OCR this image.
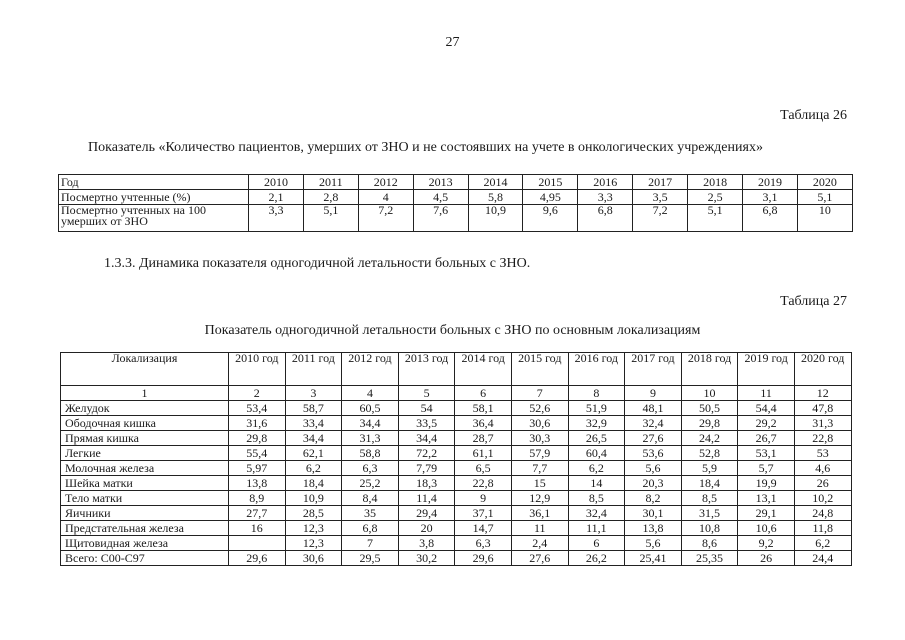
27
Таблица 26
Показатель «Количество пациентов, умерших от ЗНО и не состоявших на учете в онкологических учреждениях»
Год	2010	2011	2012	2013	2014	2015	2016	2017	2018	2019	2020
Посмертно учтенные (%)	2,1	2,8	4	4,5	5,8	4,95	3,3	3,5	2,5	3,1	5,1
Посмертно учтенных на 100 умерших от ЗНО	3,3	5,1	7,2	7,6	10,9	9,6	6,8	7,2	5,1	6,8	10
1.3.3. Динамика показателя одногодичной летальности больных с ЗНО.
Таблица 27
Показатель одногодичной летальности больных с ЗНО по основным локализациям
Локализация	2010 год	2011 год	2012 год	2013 год	2014 год	2015 год	2016 год	2017 год	2018 год	2019 год	2020 год
1	2	3	4	5	6	7	8	9	10	11	12
Желудок	53,4	58,7	60,5	54	58,1	52,6	51,9	48,1	50,5	54,4	47,8
Ободочная кишка	31,6	33,4	34,4	33,5	36,4	30,6	32,9	32,4	29,8	29,2	31,3
Прямая кишка	29,8	34,4	31,3	34,4	28,7	30,3	26,5	27,6	24,2	26,7	22,8
Легкие	55,4	62,1	58,8	72,2	61,1	57,9	60,4	53,6	52,8	53,1	53
Молочная железа	5,97	6,2	6,3	7,79	6,5	7,7	6,2	5,6	5,9	5,7	4,6
Шейка матки	13,8	18,4	25,2	18,3	22,8	15	14	20,3	18,4	19,9	26
Тело матки	8,9	10,9	8,4	11,4	9	12,9	8,5	8,2	8,5	13,1	10,2
Яичники	27,7	28,5	35	29,4	37,1	36,1	32,4	30,1	31,5	29,1	24,8
Предстательная железа	16	12,3	6,8	20	14,7	11	11,1	13,8	10,8	10,6	11,8
Щитовидная железа		12,3	7	3,8	6,3	2,4	6	5,6	8,6	9,2	6,2
Всего: С00-С97	29,6	30,6	29,5	30,2	29,6	27,6	26,2	25,41	25,35	26	24,4
